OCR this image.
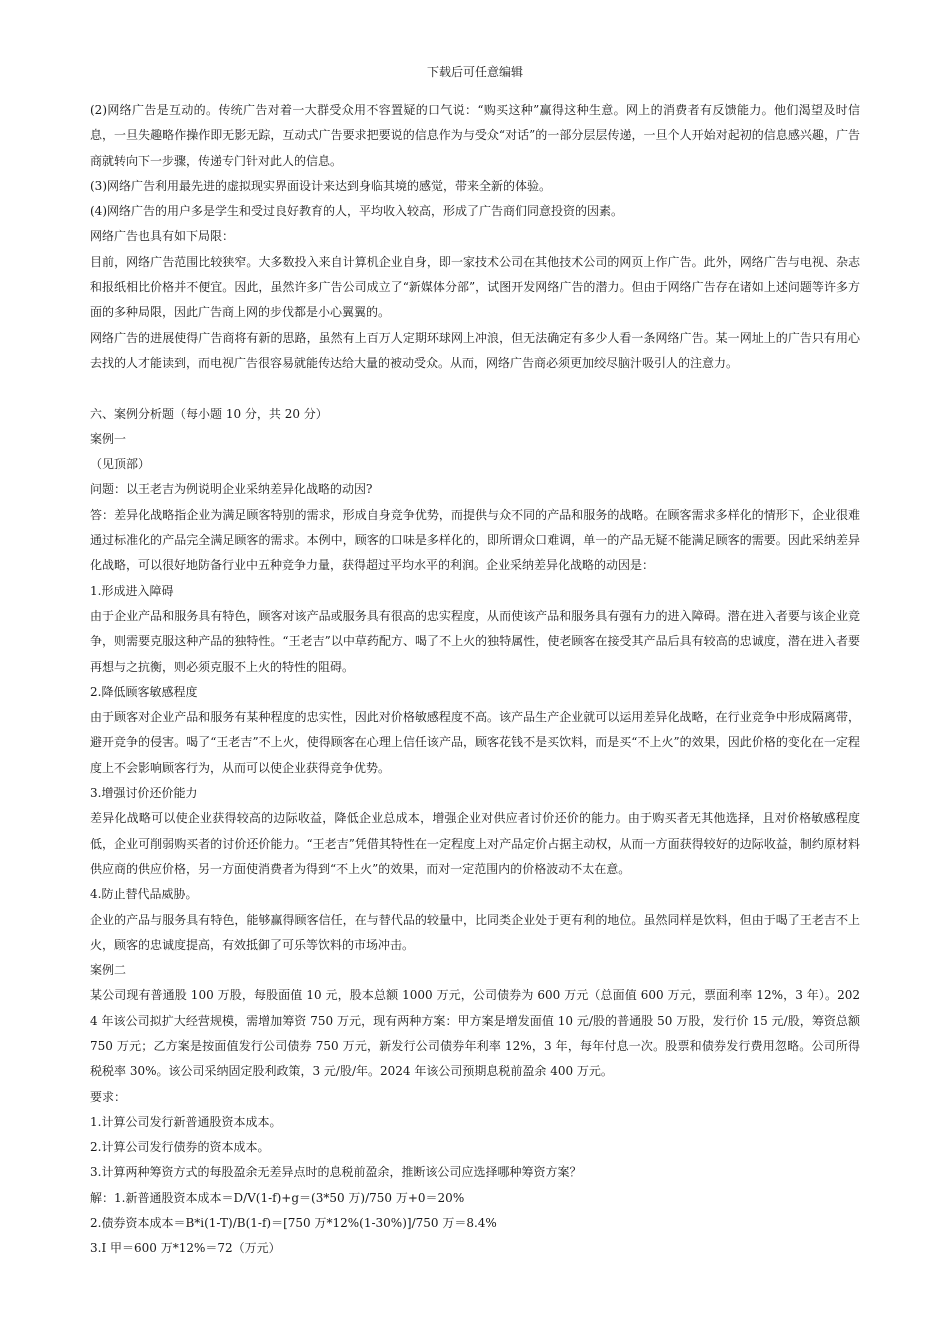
下载后可任意编辑

(2)网络广告是互动的。传统广告对着一大群受众用不容置疑的口气说：“购买这种”赢得这种生意。网上的消费者有反馈能力。他们渴望及时信息，一旦失趣略作操作即无影无踪，互动式广告要求把要说的信息作为与受众“对话”的一部分层层传递，一旦个人开始对起初的信息感兴趣，广告商就转向下一步骤，传递专门针对此人的信息。

(3)网络广告利用最先进的虚拟现实界面设计来达到身临其境的感觉，带来全新的体验。

(4)网络广告的用户多是学生和受过良好教育的人，平均收入较高，形成了广告商们同意投资的因素。

网络广告也具有如下局限：

目前，网络广告范围比较狭窄。大多数投入来自计算机企业自身，即一家技术公司在其他技术公司的网页上作广告。此外，网络广告与电视、杂志和报纸相比价格并不便宜。因此，虽然许多广告公司成立了“新媒体分部”，试图开发网络广告的潜力。但由于网络广告存在诸如上述问题等许多方面的多种局限，因此广告商上网的步伐都是小心翼翼的。

网络广告的进展使得广告商将有新的思路，虽然有上百万人定期环球网上冲浪，但无法确定有多少人看一条网络广告。某一网址上的广告只有用心去找的人才能读到，而电视广告很容易就能传达给大量的被动受众。从而，网络广告商必须更加绞尽脑汁吸引人的注意力。

六、案例分析题（每小题 10 分，共 20 分）

案例一

（见顶部）

问题：以王老吉为例说明企业采纳差异化战略的动因?

答：差异化战略指企业为满足顾客特别的需求，形成自身竞争优势，而提供与众不同的产品和服务的战略。在顾客需求多样化的情形下，企业很难通过标准化的产品完全满足顾客的需求。本例中，顾客的口味是多样化的，即所谓众口难调，单一的产品无疑不能满足顾客的需要。因此采纳差异化战略，可以很好地防备行业中五种竞争力量，获得超过平均水平的利润。企业采纳差异化战略的动因是：

1.形成进入障碍

由于企业产品和服务具有特色，顾客对该产品或服务具有很高的忠实程度，从而使该产品和服务具有强有力的进入障碍。潜在进入者要与该企业竞争，则需要克服这种产品的独特性。“王老吉”以中草药配方、喝了不上火的独特属性，使老顾客在接受其产品后具有较高的忠诚度，潜在进入者要再想与之抗衡，则必须克服不上火的特性的阻碍。

2.降低顾客敏感程度

由于顾客对企业产品和服务有某种程度的忠实性，因此对价格敏感程度不高。该产品生产企业就可以运用差异化战略，在行业竞争中形成隔离带，避开竞争的侵害。喝了“王老吉”不上火，使得顾客在心理上信任该产品，顾客花钱不是买饮料，而是买“不上火”的效果，因此价格的变化在一定程度上不会影响顾客行为，从而可以使企业获得竞争优势。

3.增强讨价还价能力

差异化战略可以使企业获得较高的边际收益，降低企业总成本，增强企业对供应者讨价还价的能力。由于购买者无其他选择，且对价格敏感程度低，企业可削弱购买者的讨价还价能力。“王老吉”凭借其特性在一定程度上对产品定价占据主动权，从而一方面获得较好的边际收益，制约原材料供应商的供应价格，另一方面使消费者为得到“不上火”的效果，而对一定范围内的价格波动不太在意。

4.防止替代品威胁。

企业的产品与服务具有特色，能够赢得顾客信任，在与替代品的较量中，比同类企业处于更有利的地位。虽然同样是饮料，但由于喝了王老吉不上火，顾客的忠诚度提高，有效抵御了可乐等饮料的市场冲击。

案例二

某公司现有普通股 100 万股，每股面值 10 元，股本总额 1000 万元，公司债券为 600 万元（总面值 600 万元，票面利率 12%，3 年）。2024 年该公司拟扩大经营规模，需增加筹资 750 万元，现有两种方案：甲方案是增发面值 10 元/股的普通股 50 万股，发行价 15 元/股，筹资总额 750 万元；乙方案是按面值发行公司债券 750 万元，新发行公司债券年利率 12%，3 年，每年付息一次。股票和债券发行费用忽略。公司所得税税率 30%。该公司采纳固定股利政策，3 元/股/年。2024 年该公司预期息税前盈余 400 万元。

要求：

1.计算公司发行新普通股资本成本。

2.计算公司发行债券的资本成本。

3.计算两种筹资方式的每股盈余无差异点时的息税前盈余，推断该公司应选择哪种筹资方案？

解：1.新普通股资本成本＝D/V(1-f)+g＝(3*50 万)/750 万+0＝20%

2.债券资本成本＝B*i(1-T)/B(1-f)＝[750 万*12%(1-30%)]/750 万＝8.4%

3.I 甲＝600 万*12%＝72（万元）
